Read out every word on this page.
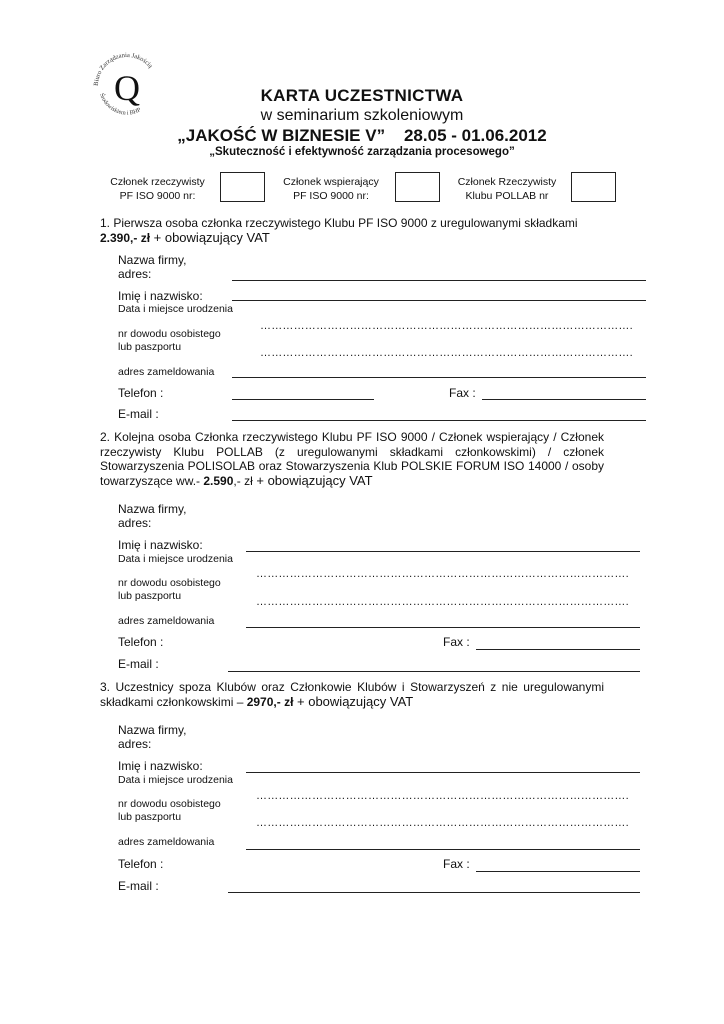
Biuro Zarządzania Jakością
Środowiskiem i BHP
Q	KARTA UCZESTNICTWA
w seminarium szkoleniowym
„JAKOŚĆ W BIZNESIE V”    28.05 - 01.06.2012
„Skuteczność i efektywność zarządzania procesowego”
Członek rzeczywisty
PF ISO 9000 nr:
Członek wspierający
PF ISO 9000 nr:
Członek Rzeczywisty
Klubu POLLAB nr
1. Pierwsza osoba członka rzeczywistego Klubu PF ISO 9000 z uregulowanymi składkami
2.390,- zł + obowiązujący VAT
Nazwa firmy,
adres:
Imię i nazwisko:
Data i miejsce urodzenia
……………………………………………………………………………………….
nr dowodu osobistego
lub paszportu	……………………………………………………………………………………….
adres zameldowania
Telefon :	Fax :
E-mail :
2. Kolejna osoba Członka rzeczywistego Klubu PF ISO 9000 / Członek wspierający / Członek rzeczywisty Klubu POLLAB (z uregulowanymi składkami członkowskimi) / członek Stowarzyszenia POLISOLAB oraz Stowarzyszenia Klub POLSKIE FORUM ISO 14000 / osoby towarzyszące ww.- 2.590,- zł + obowiązujący VAT
Nazwa firmy,
adres:
Imię i nazwisko:
Data i miejsce urodzenia
……………………………………………………………………………………….
nr dowodu osobistego
lub paszportu	……………………………………………………………………………………….
adres zameldowania
Telefon :	Fax :
E-mail :
3. Uczestnicy spoza Klubów oraz Członkowie Klubów i Stowarzyszeń z nie uregulowanymi składkami członkowskimi – 2970,- zł + obowiązujący VAT
Nazwa firmy,
adres:
Imię i nazwisko:
Data i miejsce urodzenia
……………………………………………………………………………………….
nr dowodu osobistego
lub paszportu	……………………………………………………………………………………….
adres zameldowania
Telefon :	Fax :
E-mail :
